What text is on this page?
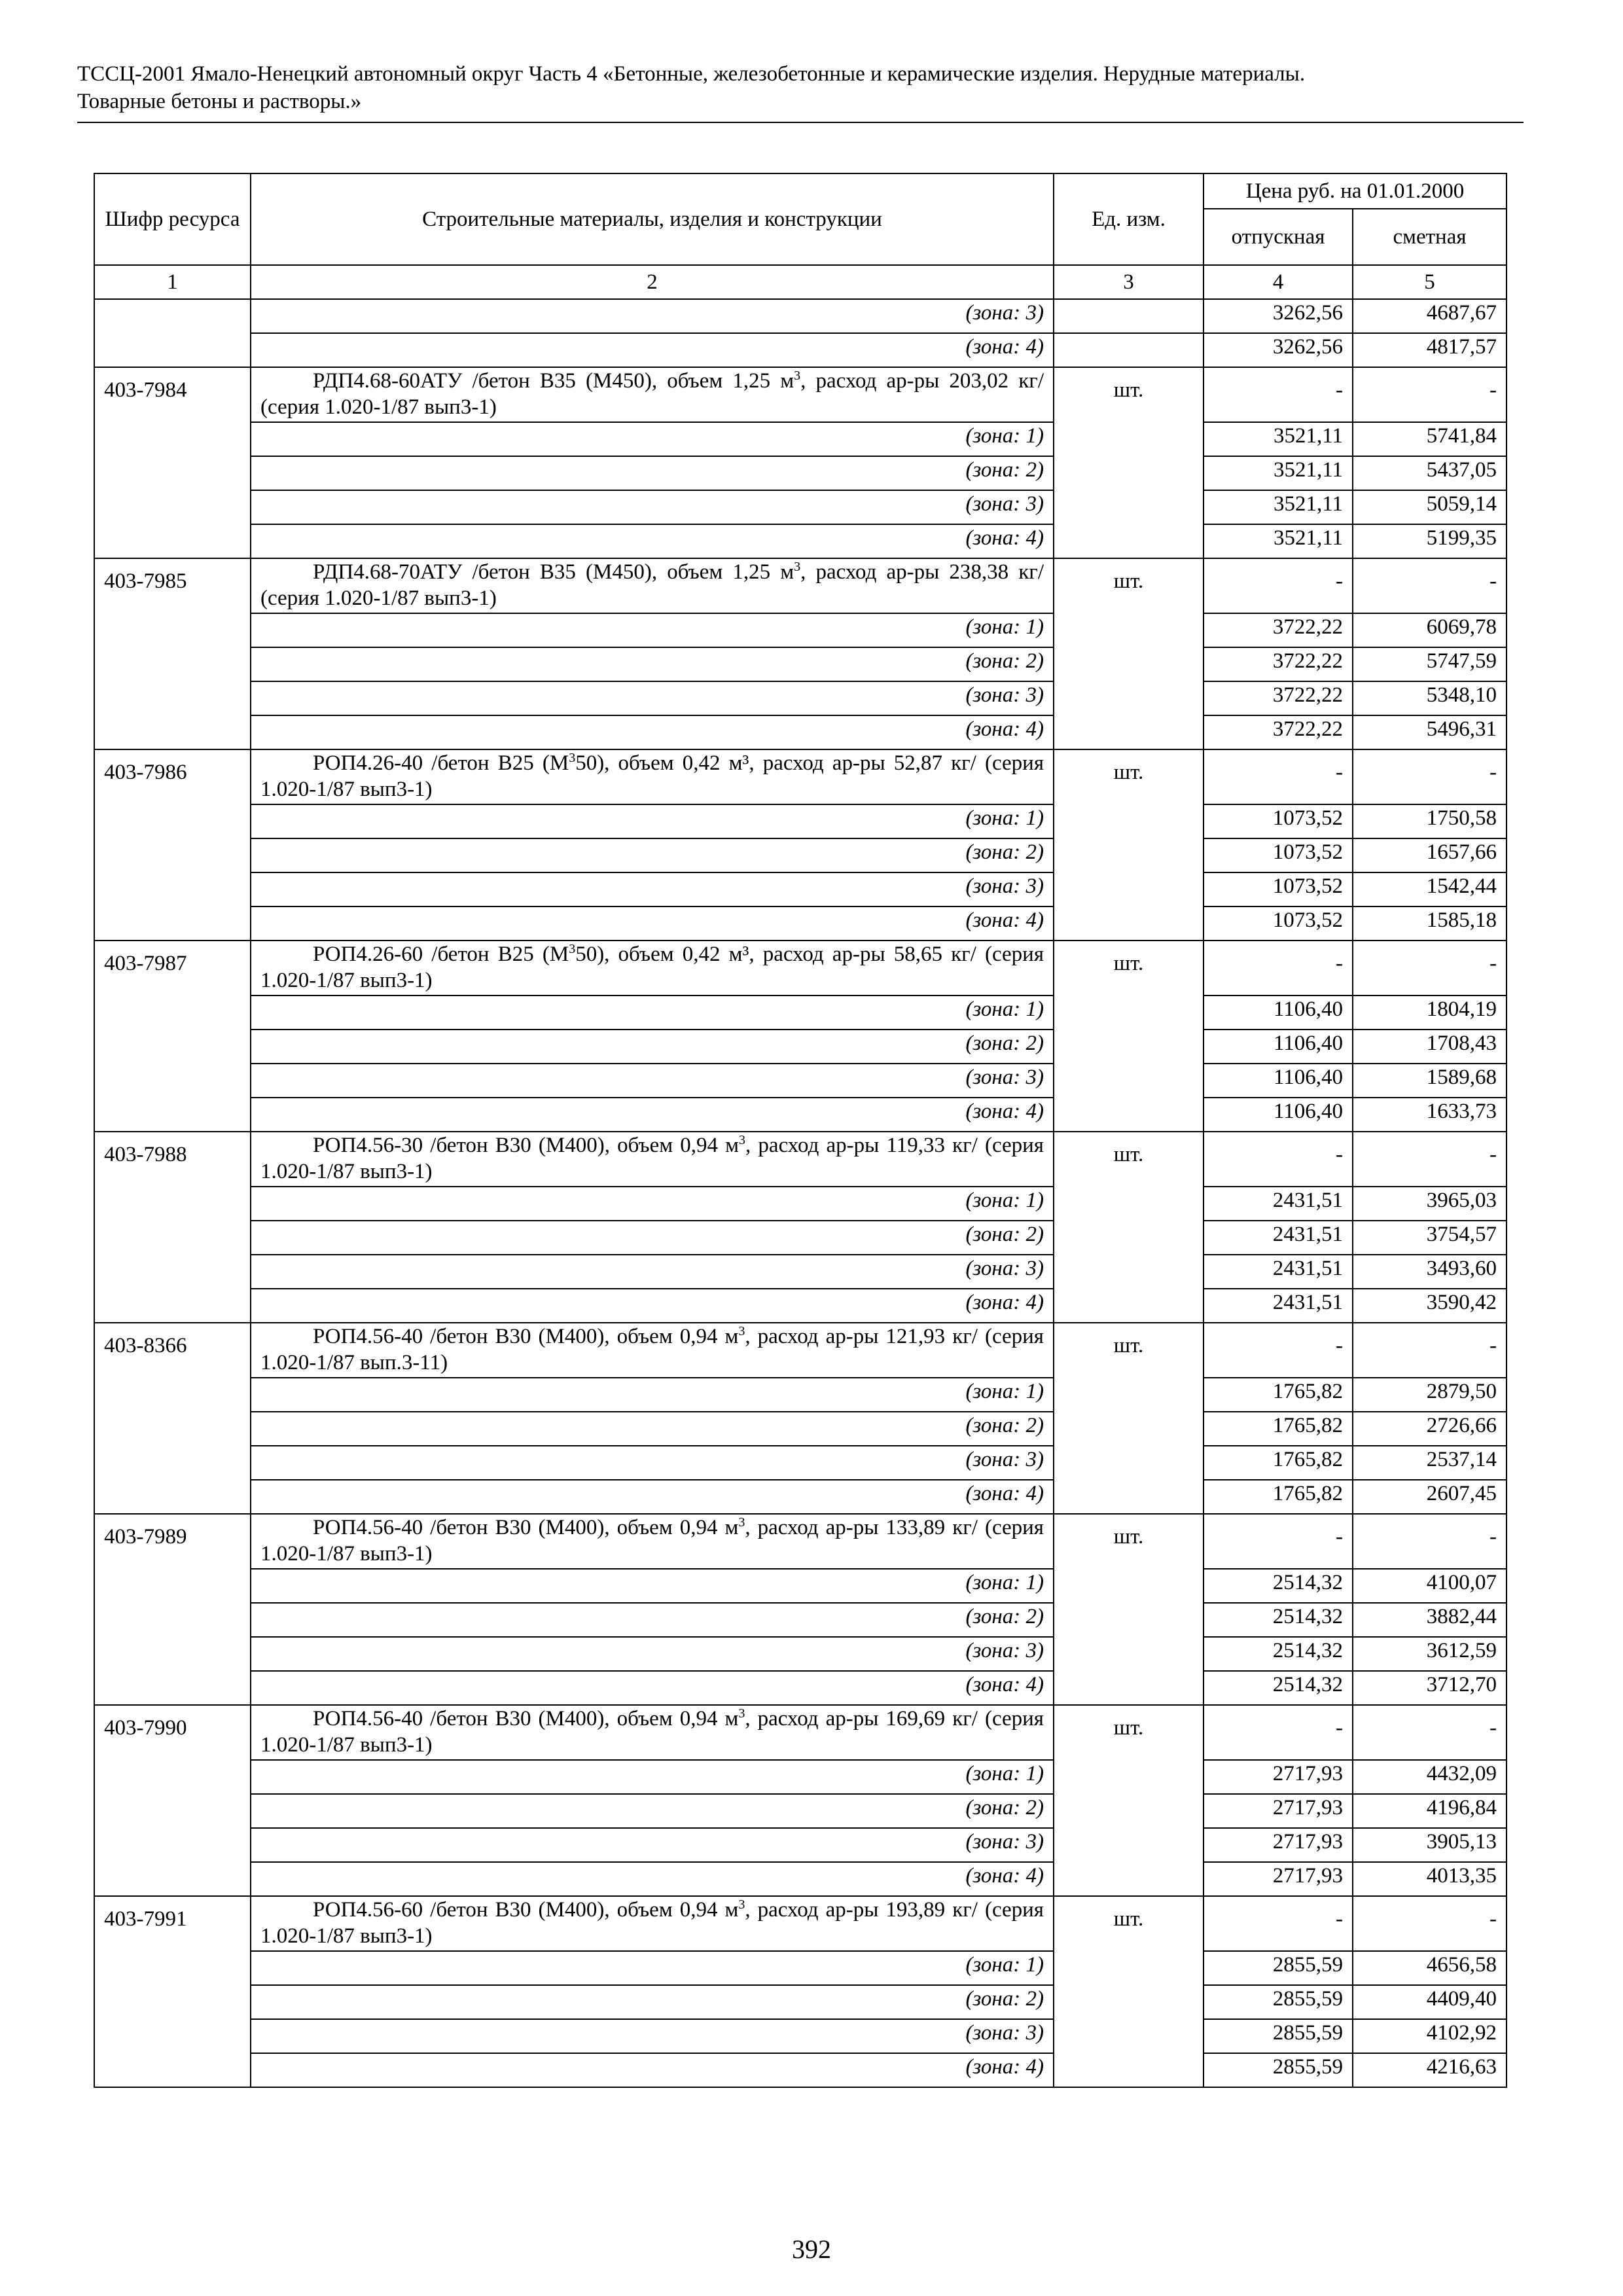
ТССЦ-2001 Ямало-Ненецкий автономный округ Часть 4 «Бетонные, железобетонные и керамические изделия. Нерудные материалы.
Товарные бетоны и растворы.»
Шифр ресурса	Строительные материалы, изделия и конструкции	Ед. изм.	Цена руб. на 01.01.2000	
			отпускная	сметная
1	2	3	4	5
	(зона: 3)		3262,56	4687,67
	(зона: 4)		3262,56	4817,57
403-7984	РДП4.68-60АТУ /бетон В35 (М450), объем 1,25 $м^3$, расход ар-ры 203,02 кг/ (серия 1.020-1/87 вып3-1)	шт.	-	-
	(зона: 1)		3521,11	5741,84
	(зона: 2)		3521,11	5437,05
	(зона: 3)		3521,11	5059,14
	(зона: 4)		3521,11	5199,35
403-7985	РДП4.68-70АТУ /бетон В35 (М450), объем 1,25 $м^3$, расход ар-ры 238,38 кг/ (серия 1.020-1/87 вып3-1)	шт.	-	-
	(зона: 1)		3722,22	6069,78
	(зона: 2)		3722,22	5747,59
	(зона: 3)		3722,22	5348,10
	(зона: 4)		3722,22	5496,31
403-7986	РОП4.26-40 /бетон В25 $(М^350)$, объем 0,42 м³, расход ар-ры 52,87 кг/ (серия 1.020-1/87 вып3-1)	шт.	-	-
	(зона: 1)		1073,52	1750,58
	(зона: 2)		1073,52	1657,66
	(зона: 3)		1073,52	1542,44
	(зона: 4)		1073,52	1585,18
403-7987	РОП4.26-60 /бетон В25 $(М^350)$, объем 0,42 м³, расход ар-ры 58,65 кг/ (серия 1.020-1/87 вып3-1)	шт.	-	-
	(зона: 1)		1106,40	1804,19
	(зона: 2)		1106,40	1708,43
	(зона: 3)		1106,40	1589,68
	(зона: 4)		1106,40	1633,73
403-7988	РОП4.56-30 /бетон В30 (М400), объем 0,94 $м^3$, расход ар-ры 119,33 кг/ (серия 1.020-1/87 вып3-1)	шт.	-	-
	(зона: 1)		2431,51	3965,03
	(зона: 2)		2431,51	3754,57
	(зона: 3)		2431,51	3493,60
	(зона: 4)		2431,51	3590,42
403-8366	РОП4.56-40 /бетон В30 (М400), объем 0,94 $м^3$, расход ар-ры 121,93 кг/ (серия 1.020-1/87 вып.3-11)	шт.	-	-
	(зона: 1)		1765,82	2879,50
	(зона: 2)		1765,82	2726,66
	(зона: 3)		1765,82	2537,14
	(зона: 4)		1765,82	2607,45
403-7989	РОП4.56-40 /бетон В30 (М400), объем 0,94 $м^3$, расход ар-ры 133,89 кг/ (серия 1.020-1/87 вып3-1)	шт.	-	-
	(зона: 1)		2514,32	4100,07
	(зона: 2)		2514,32	3882,44
	(зона: 3)		2514,32	3612,59
	(зона: 4)		2514,32	3712,70
403-7990	РОП4.56-40 /бетон В30 (М400), объем 0,94 $м^3$, расход ар-ры 169,69 кг/ (серия 1.020-1/87 вып3-1)	шт.	-	-
	(зона: 1)		2717,93	4432,09
	(зона: 2)		2717,93	4196,84
	(зона: 3)		2717,93	3905,13
	(зона: 4)		2717,93	4013,35
403-7991	РОП4.56-60 /бетон В30 (М400), объем 0,94 $м^3$, расход ар-ры 193,89 кг/ (серия 1.020-1/87 вып3-1)	шт.	-	-
	(зона: 1)		2855,59	4656,58
	(зона: 2)		2855,59	4409,40
	(зона: 3)		2855,59	4102,92
	(зона: 4)		2855,59	4216,63
392
